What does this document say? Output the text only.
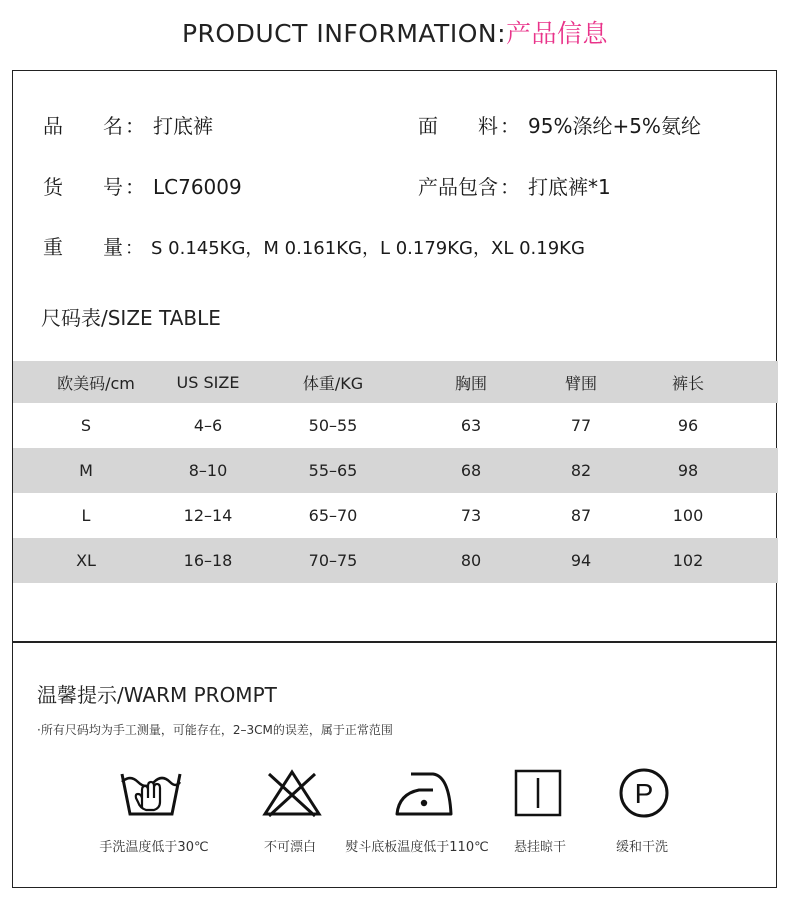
PRODUCT INFORMATION:产品信息
品　　名 ： 打底裤	面　　料 ： 95%涤纶+5%氨纶
货　　号 ： LC76009	产品包含 ： 打底裤*1
重　　量 ： S 0.145KG，M 0.161KG，L 0.179KG，XL 0.19KG
尺码表/SIZE TABLE
欧美码/cm	US SIZE	体重/KG	胸围	臂围	裤长
S	4–6	50–55	63	77	96
M	8–10	55–65	68	82	98
L	12–14	65–70	73	87	100
XL	16–18	70–75	80	94	102
温馨提示/WARM PROMPT
·所有尺码均为手工测量，可能存在，2–3CM的误差，属于正常范围
P
手洗温度低于30℃	不可漂白 熨斗底板温度低于110℃ 悬挂晾干	缓和干洗
